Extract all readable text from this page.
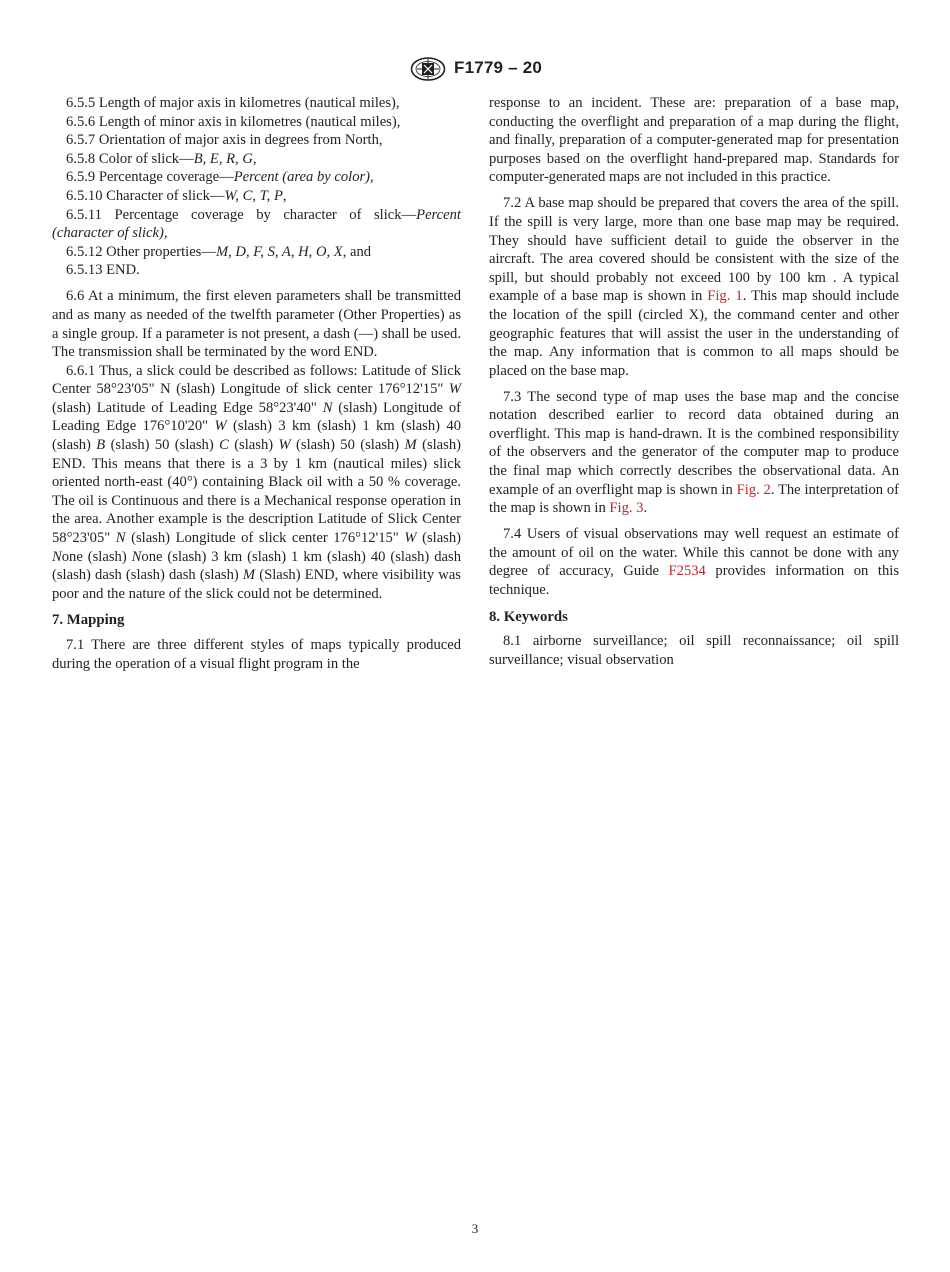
F1779 – 20

6.5.5 Length of major axis in kilometres (nautical miles),

6.5.6 Length of minor axis in kilometres (nautical miles),

6.5.7 Orientation of major axis in degrees from North,

6.5.8 Color of slick—B, E, R, G,

6.5.9 Percentage coverage—Percent (area by color),

6.5.10 Character of slick—W, C, T, P,

6.5.11 Percentage coverage by character of slick—Percent (character of slick),

6.5.12 Other properties—M, D, F, S, A, H, O, X, and

6.5.13 END.

6.6 At a minimum, the first eleven parameters shall be transmitted and as many as needed of the twelfth parameter (Other Properties) as a single group. If a parameter is not present, a dash (—) shall be used. The transmission shall be terminated by the word END.

6.6.1 Thus, a slick could be described as follows: Latitude of Slick Center 58°23'05" N (slash) Longitude of slick center 176°12'15" W (slash) Latitude of Leading Edge 58°23'40" N (slash) Longitude of Leading Edge 176°10'20" W (slash) 3 km (slash) 1 km (slash) 40 (slash) B (slash) 50 (slash) C (slash) W (slash) 50 (slash) M (slash) END. This means that there is a 3 by 1 km (nautical miles) slick oriented north-east (40°) containing Black oil with a 50 % coverage. The oil is Continuous and there is a Mechanical response operation in the area. Another example is the description Latitude of Slick Center 58°23'05" N (slash) Longitude of slick center 176°12'15" W (slash) None (slash) None (slash) 3 km (slash) 1 km (slash) 40 (slash) dash (slash) dash (slash) dash (slash) M (Slash) END, where visibility was poor and the nature of the slick could not be determined.

7. Mapping

7.1 There are three different styles of maps typically produced during the operation of a visual flight program in the

response to an incident. These are: preparation of a base map, conducting the overflight and preparation of a map during the flight, and finally, preparation of a computer-generated map for presentation purposes based on the overflight hand-prepared map. Standards for computer-generated maps are not included in this practice.

7.2 A base map should be prepared that covers the area of the spill. If the spill is very large, more than one base map may be required. They should have sufficient detail to guide the observer in the aircraft. The area covered should be consistent with the size of the spill, but should probably not exceed 100 by 100 km . A typical example of a base map is shown in Fig. 1. This map should include the location of the spill (circled X), the command center and other geographic features that will assist the user in the understanding of the map. Any information that is common to all maps should be placed on the base map.

7.3 The second type of map uses the base map and the concise notation described earlier to record data obtained during an overflight. This map is hand-drawn. It is the combined responsibility of the observers and the generator of the computer map to produce the final map which correctly describes the observational data. An example of an overflight map is shown in Fig. 2. The interpretation of the map is shown in Fig. 3.

7.4 Users of visual observations may well request an estimate of the amount of oil on the water. While this cannot be done with any degree of accuracy, Guide F2534 provides information on this technique.

8. Keywords

8.1 airborne surveillance; oil spill reconnaissance; oil spill surveillance; visual observation

3
